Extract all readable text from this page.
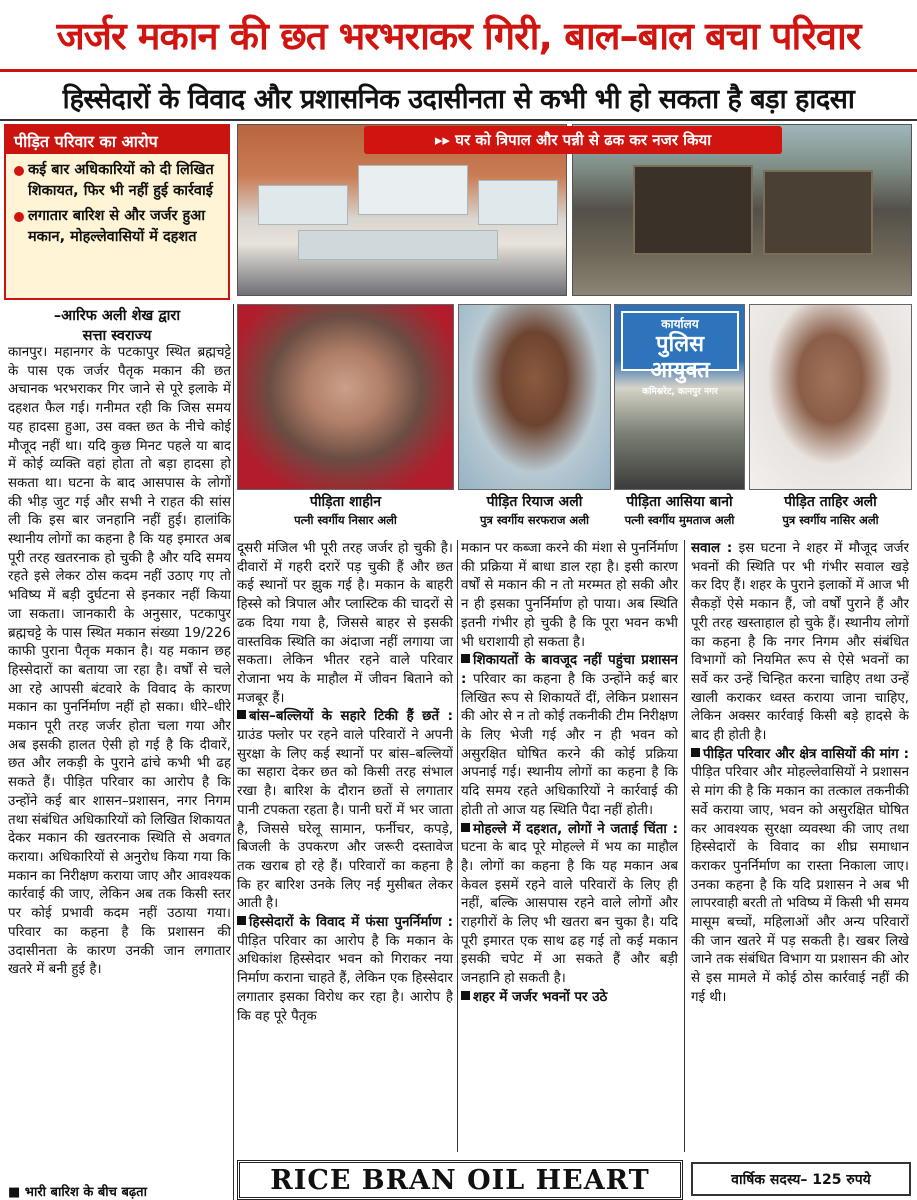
जर्जर मकान की छत भरभराकर गिरी, बाल–बाल बचा परिवार
हिस्सेदारों के विवाद और प्रशासनिक उदासीनता से कभी भी हो सकता है बड़ा हादसा
पीड़ित परिवार का आरोप
कई बार अधिकारियों को दी लिखित शिकायत, फिर भी नहीं हुई कार्रवाई
लगातार बारिश से और जर्जर हुआ मकान, मोहल्लेवासियों में दहशत
–आरिफ अली शेख द्वारा
सत्ता स्वराज्य
▸▸ घर को त्रिपाल और पन्नी से ढक कर नजर किया
कार्यालय
पुलिस आयुक्त
कमिश्नरेट, कानपुर नगर
पीड़िता शाहीन
पत्नी स्वर्गीय निसार अली
पीड़ित रियाज अली
पुत्र स्वर्गीय सरफराज अली
पीड़िता आसिया बानो
पत्नी स्वर्गीय मुमताज अली
पीड़ित ताहिर अली
पुत्र स्वर्गीय नासिर अली

कानपुर। महानगर के पटकापुर स्थित ब्रह्मचट्टे के पास एक जर्जर पैतृक मकान की छत अचानक भरभराकर गिर जाने से पूरे इलाके में दहशत फैल गई। गनीमत रही कि जिस समय यह हादसा हुआ, उस वक्त छत के नीचे कोई मौजूद नहीं था। यदि कुछ मिनट पहले या बाद में कोई व्यक्ति वहां होता तो बड़ा हादसा हो सकता था। घटना के बाद आसपास के लोगों की भीड़ जुट गई और सभी ने राहत की सांस ली कि इस बार जनहानि नहीं हुई। हालांकि स्थानीय लोगों का कहना है कि यह इमारत अब पूरी तरह खतरनाक हो चुकी है और यदि समय रहते इसे लेकर ठोस कदम नहीं उठाए गए तो भविष्य में बड़ी दुर्घटना से इनकार नहीं किया जा सकता। जानकारी के अनुसार, पटकापुर ब्रह्मचट्टे के पास स्थित मकान संख्या 19/226 काफी पुराना पैतृक मकान है। यह मकान छह हिस्सेदारों का बताया जा रहा है। वर्षों से चले आ रहे आपसी बंटवारे के विवाद के कारण मकान का पुनर्निर्माण नहीं हो सका। धीरे–धीरे मकान पूरी तरह जर्जर होता चला गया और अब इसकी हालत ऐसी हो गई है कि दीवारें, छत और लकड़ी के पुराने ढांचे कभी भी ढह सकते हैं। पीड़ित परिवार का आरोप है कि उन्होंने कई बार शासन–प्रशासन, नगर निगम तथा संबंधित अधिकारियों को लिखित शिकायत देकर मकान की खतरनाक स्थिति से अवगत कराया। अधिकारियों से अनुरोध किया गया कि मकान का निरीक्षण कराया जाए और आवश्यक कार्रवाई की जाए, लेकिन अब तक किसी स्तर पर कोई प्रभावी कदम नहीं उठाया गया। परिवार का कहना है कि प्रशासन की उदासीनता के कारण उनकी जान लगातार खतरे में बनी हुई है।

दूसरी मंजिल भी पूरी तरह जर्जर हो चुकी है। दीवारों में गहरी दरारें पड़ चुकी हैं और छत कई स्थानों पर झुक गई है। मकान के बाहरी हिस्से को त्रिपाल और प्लास्टिक की चादरों से ढक दिया गया है, जिससे बाहर से इसकी वास्तविक स्थिति का अंदाजा नहीं लगाया जा सकता। लेकिन भीतर रहने वाले परिवार रोजाना भय के माहौल में जीवन बिताने को मजबूर हैं।

बांस–बल्लियों के सहारे टिकी हैं छतें : ग्राउंड फ्लोर पर रहने वाले परिवारों ने अपनी सुरक्षा के लिए कई स्थानों पर बांस–बल्लियों का सहारा देकर छत को किसी तरह संभाल रखा है। बारिश के दौरान छतों से लगातार पानी टपकता रहता है। पानी घरों में भर जाता है, जिससे घरेलू सामान, फर्नीचर, कपड़े, बिजली के उपकरण और जरूरी दस्तावेज तक खराब हो रहे हैं। परिवारों का कहना है कि हर बारिश उनके लिए नई मुसीबत लेकर आती है।

हिस्सेदारों के विवाद में फंसा पुनर्निर्माण : पीड़ित परिवार का आरोप है कि मकान के अधिकांश हिस्सेदार भवन को गिराकर नया निर्माण कराना चाहते हैं, लेकिन एक हिस्सेदार लगातार इसका विरोध कर रहा है। आरोप है कि वह पूरे पैतृक

मकान पर कब्जा करने की मंशा से पुनर्निर्माण की प्रक्रिया में बाधा डाल रहा है। इसी कारण वर्षों से मकान की न तो मरम्मत हो सकी और न ही इसका पुनर्निर्माण हो पाया। अब स्थिति इतनी गंभीर हो चुकी है कि पूरा भवन कभी भी धराशायी हो सकता है।

शिकायतों के बावजूद नहीं पहुंचा प्रशासन : परिवार का कहना है कि उन्होंने कई बार लिखित रूप से शिकायतें दीं, लेकिन प्रशासन की ओर से न तो कोई तकनीकी टीम निरीक्षण के लिए भेजी गई और न ही भवन को असुरक्षित घोषित करने की कोई प्रक्रिया अपनाई गई। स्थानीय लोगों का कहना है कि यदि समय रहते अधिकारियों ने कार्रवाई की होती तो आज यह स्थिति पैदा नहीं होती।

मोहल्ले में दहशत, लोगों ने जताई चिंता : घटना के बाद पूरे मोहल्ले में भय का माहौल है। लोगों का कहना है कि यह मकान अब केवल इसमें रहने वाले परिवारों के लिए ही नहीं, बल्कि आसपास रहने वाले लोगों और राहगीरों के लिए भी खतरा बन चुका है। यदि पूरी इमारत एक साथ ढह गई तो कई मकान इसकी चपेट में आ सकते हैं और बड़ी जनहानि हो सकती है।

शहर में जर्जर भवनों पर उठे

सवाल : इस घटना ने शहर में मौजूद जर्जर भवनों की स्थिति पर भी गंभीर सवाल खड़े कर दिए हैं। शहर के पुराने इलाकों में आज भी सैकड़ों ऐसे मकान हैं, जो वर्षों पुराने हैं और पूरी तरह खस्ताहाल हो चुके हैं। स्थानीय लोगों का कहना है कि नगर निगम और संबंधित विभागों को नियमित रूप से ऐसे भवनों का सर्वे कर उन्हें चिन्हित करना चाहिए तथा उन्हें खाली कराकर ध्वस्त कराया जाना चाहिए, लेकिन अक्सर कार्रवाई किसी बड़े हादसे के बाद ही होती है।

पीड़ित परिवार और क्षेत्र वासियों की मांग : पीड़ित परिवार और मोहल्लेवासियों ने प्रशासन से मांग की है कि मकान का तत्काल तकनीकी सर्वे कराया जाए, भवन को असुरक्षित घोषित कर आवश्यक सुरक्षा व्यवस्था की जाए तथा हिस्सेदारों के विवाद का शीघ्र समाधान कराकर पुनर्निर्माण का रास्ता निकाला जाए। उनका कहना है कि यदि प्रशासन ने अब भी लापरवाही बरती तो भविष्य में किसी भी समय मासूम बच्चों, महिलाओं और अन्य परिवारों की जान खतरे में पड़ सकती है। खबर लिखे जाने तक संबंधित विभाग या प्रशासन की ओर से इस मामले में कोई ठोस कार्रवाई नहीं की गई थी।

■ भारी बारिश के बीच बढ़ता	RICE BRAN OIL HEART	वार्षिक सदस्य– 125 रुपये
